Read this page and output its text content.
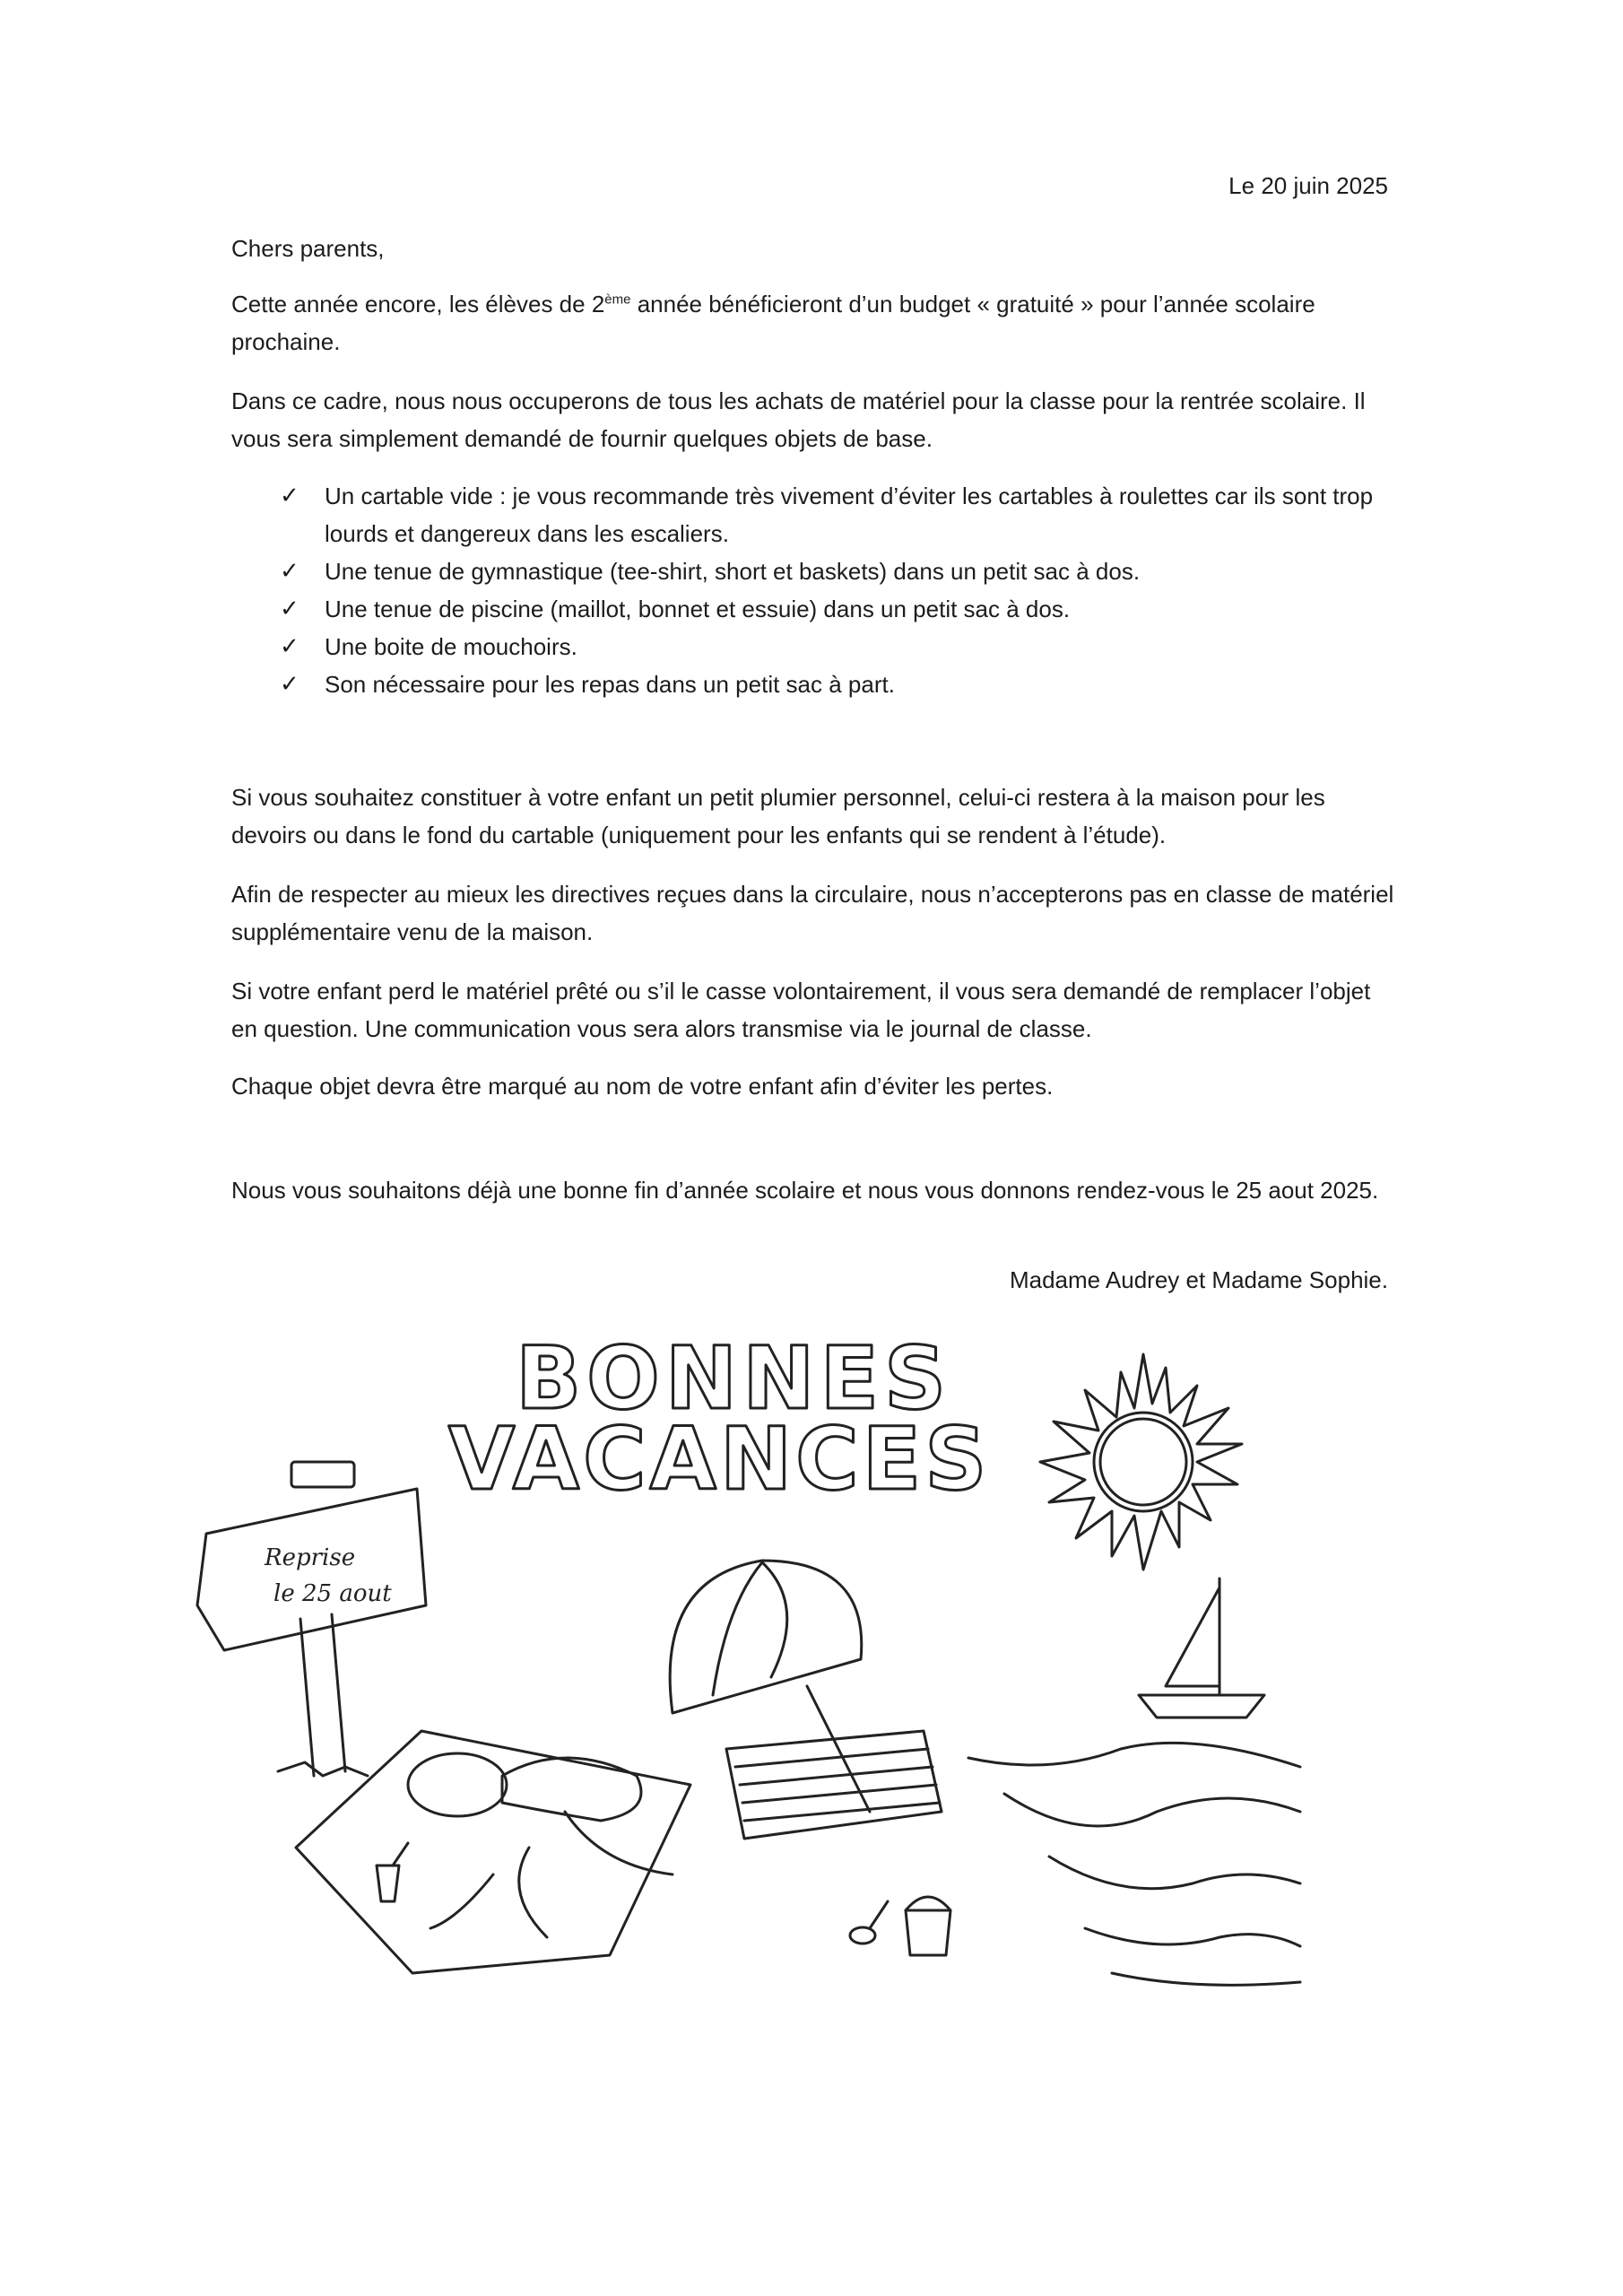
Le 20 juin 2025
Chers parents,

Cette année encore, les élèves de 2ème année bénéficieront d’un budget « gratuité » pour l’année scolaire prochaine.

Dans ce cadre, nous nous occuperons de tous les achats de matériel pour la classe pour la rentrée scolaire. Il vous sera simplement demandé de fournir quelques objets de base.

✓ Un cartable vide : je vous recommande très vivement d’éviter les cartables à roulettes car ils sont trop lourds et dangereux dans les escaliers.
✓ Une tenue de gymnastique (tee-shirt, short et baskets) dans un petit sac à dos.
✓ Une tenue de piscine (maillot, bonnet et essuie) dans un petit sac à dos.
✓ Une boite de mouchoirs.
✓ Son nécessaire pour les repas dans un petit sac à part.

Si vous souhaitez constituer à votre enfant un petit plumier personnel, celui-ci restera à la maison pour les devoirs ou dans le fond du cartable (uniquement pour les enfants qui se rendent à l’étude).

Afin de respecter au mieux les directives reçues dans la circulaire, nous n’accepterons pas en classe de matériel supplémentaire venu de la maison.

Si votre enfant perd le matériel prêté ou s’il le casse volontairement, il vous sera demandé de remplacer l’objet en question. Une communication vous sera alors transmise via le journal de classe.

Chaque objet devra être marqué au nom de votre enfant afin d’éviter les pertes.

Nous vous souhaitons déjà une bonne fin d’année scolaire et nous vous donnons rendez-vous le 25 aout 2025.

Madame Audrey et Madame Sophie.
BONNES
VACANCES
Reprise
le 25 aout
